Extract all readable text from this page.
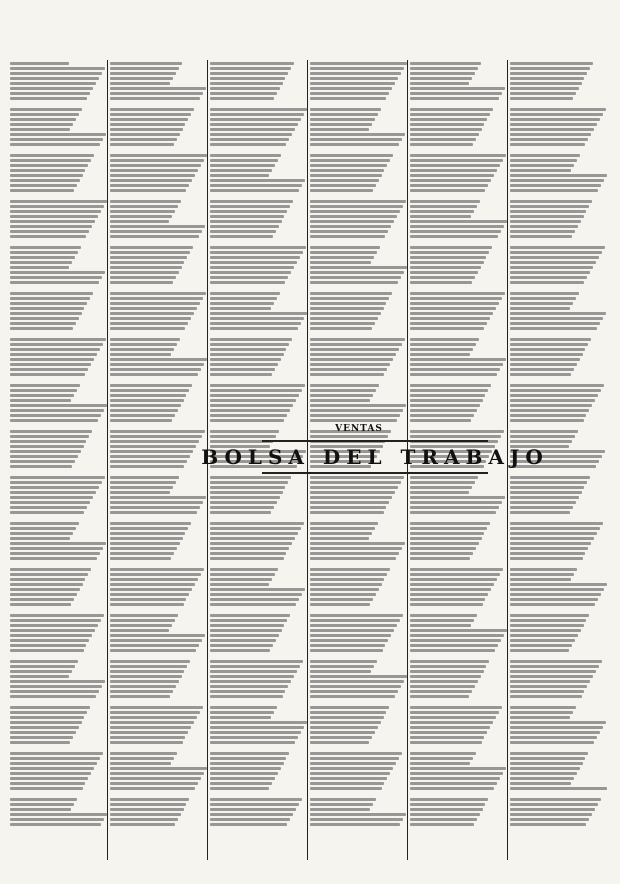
VENTAS
BOLSA DEL TRABAJO
